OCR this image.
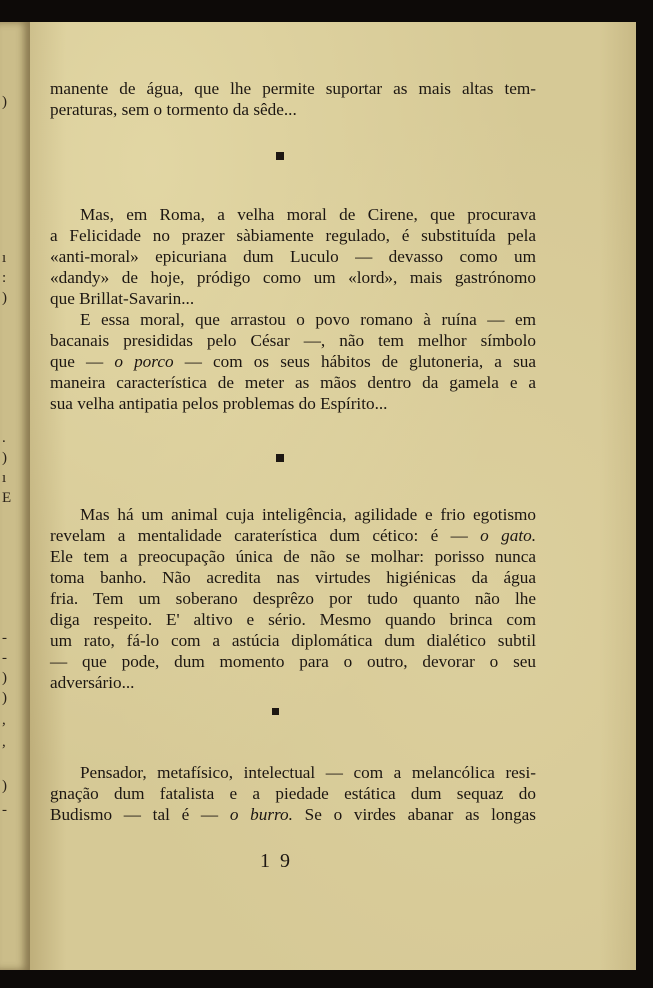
)
ı
:
)
.
)
ı
E
-
-
)
)
,
,
)
-
manente de água, que lhe permite suportar as mais altas tem-
peraturas, sem o tormento da sêde...
Mas, em Roma, a velha moral de Cirene, que procurava
a Felicidade no prazer sàbiamente regulado, é substituída pela
«anti-moral» epicuriana dum Luculo — devasso como um
«dandy» de hoje, pródigo como um «lord», mais gastrónomo
que Brillat-Savarin...
E essa moral, que arrastou o povo romano à ruína — em
bacanais presididas pelo César —, não tem melhor símbolo
que — o porco — com os seus hábitos de glutoneria, a sua
maneira característica de meter as mãos dentro da gamela e a
sua velha antipatia pelos problemas do Espírito...
Mas há um animal cuja inteligência, agilidade e frio egotismo
revelam a mentalidade caraterística dum cético: é — o gato.
Ele tem a preocupação única de não se molhar: porisso nunca
toma banho. Não acredita nas virtudes higiénicas da água
fria. Tem um soberano desprêzo por tudo quanto não lhe
diga respeito. E' altivo e sério. Mesmo quando brinca com
um rato, fá-lo com a astúcia diplomática dum dialético subtil
— que pode, dum momento para o outro, devorar o seu
adversário...
Pensador, metafísico, intelectual — com a melancólica resi-
gnação dum fatalista e a piedade estática dum sequaz do
Budismo — tal é — o burro. Se o virdes abanar as longas
19
